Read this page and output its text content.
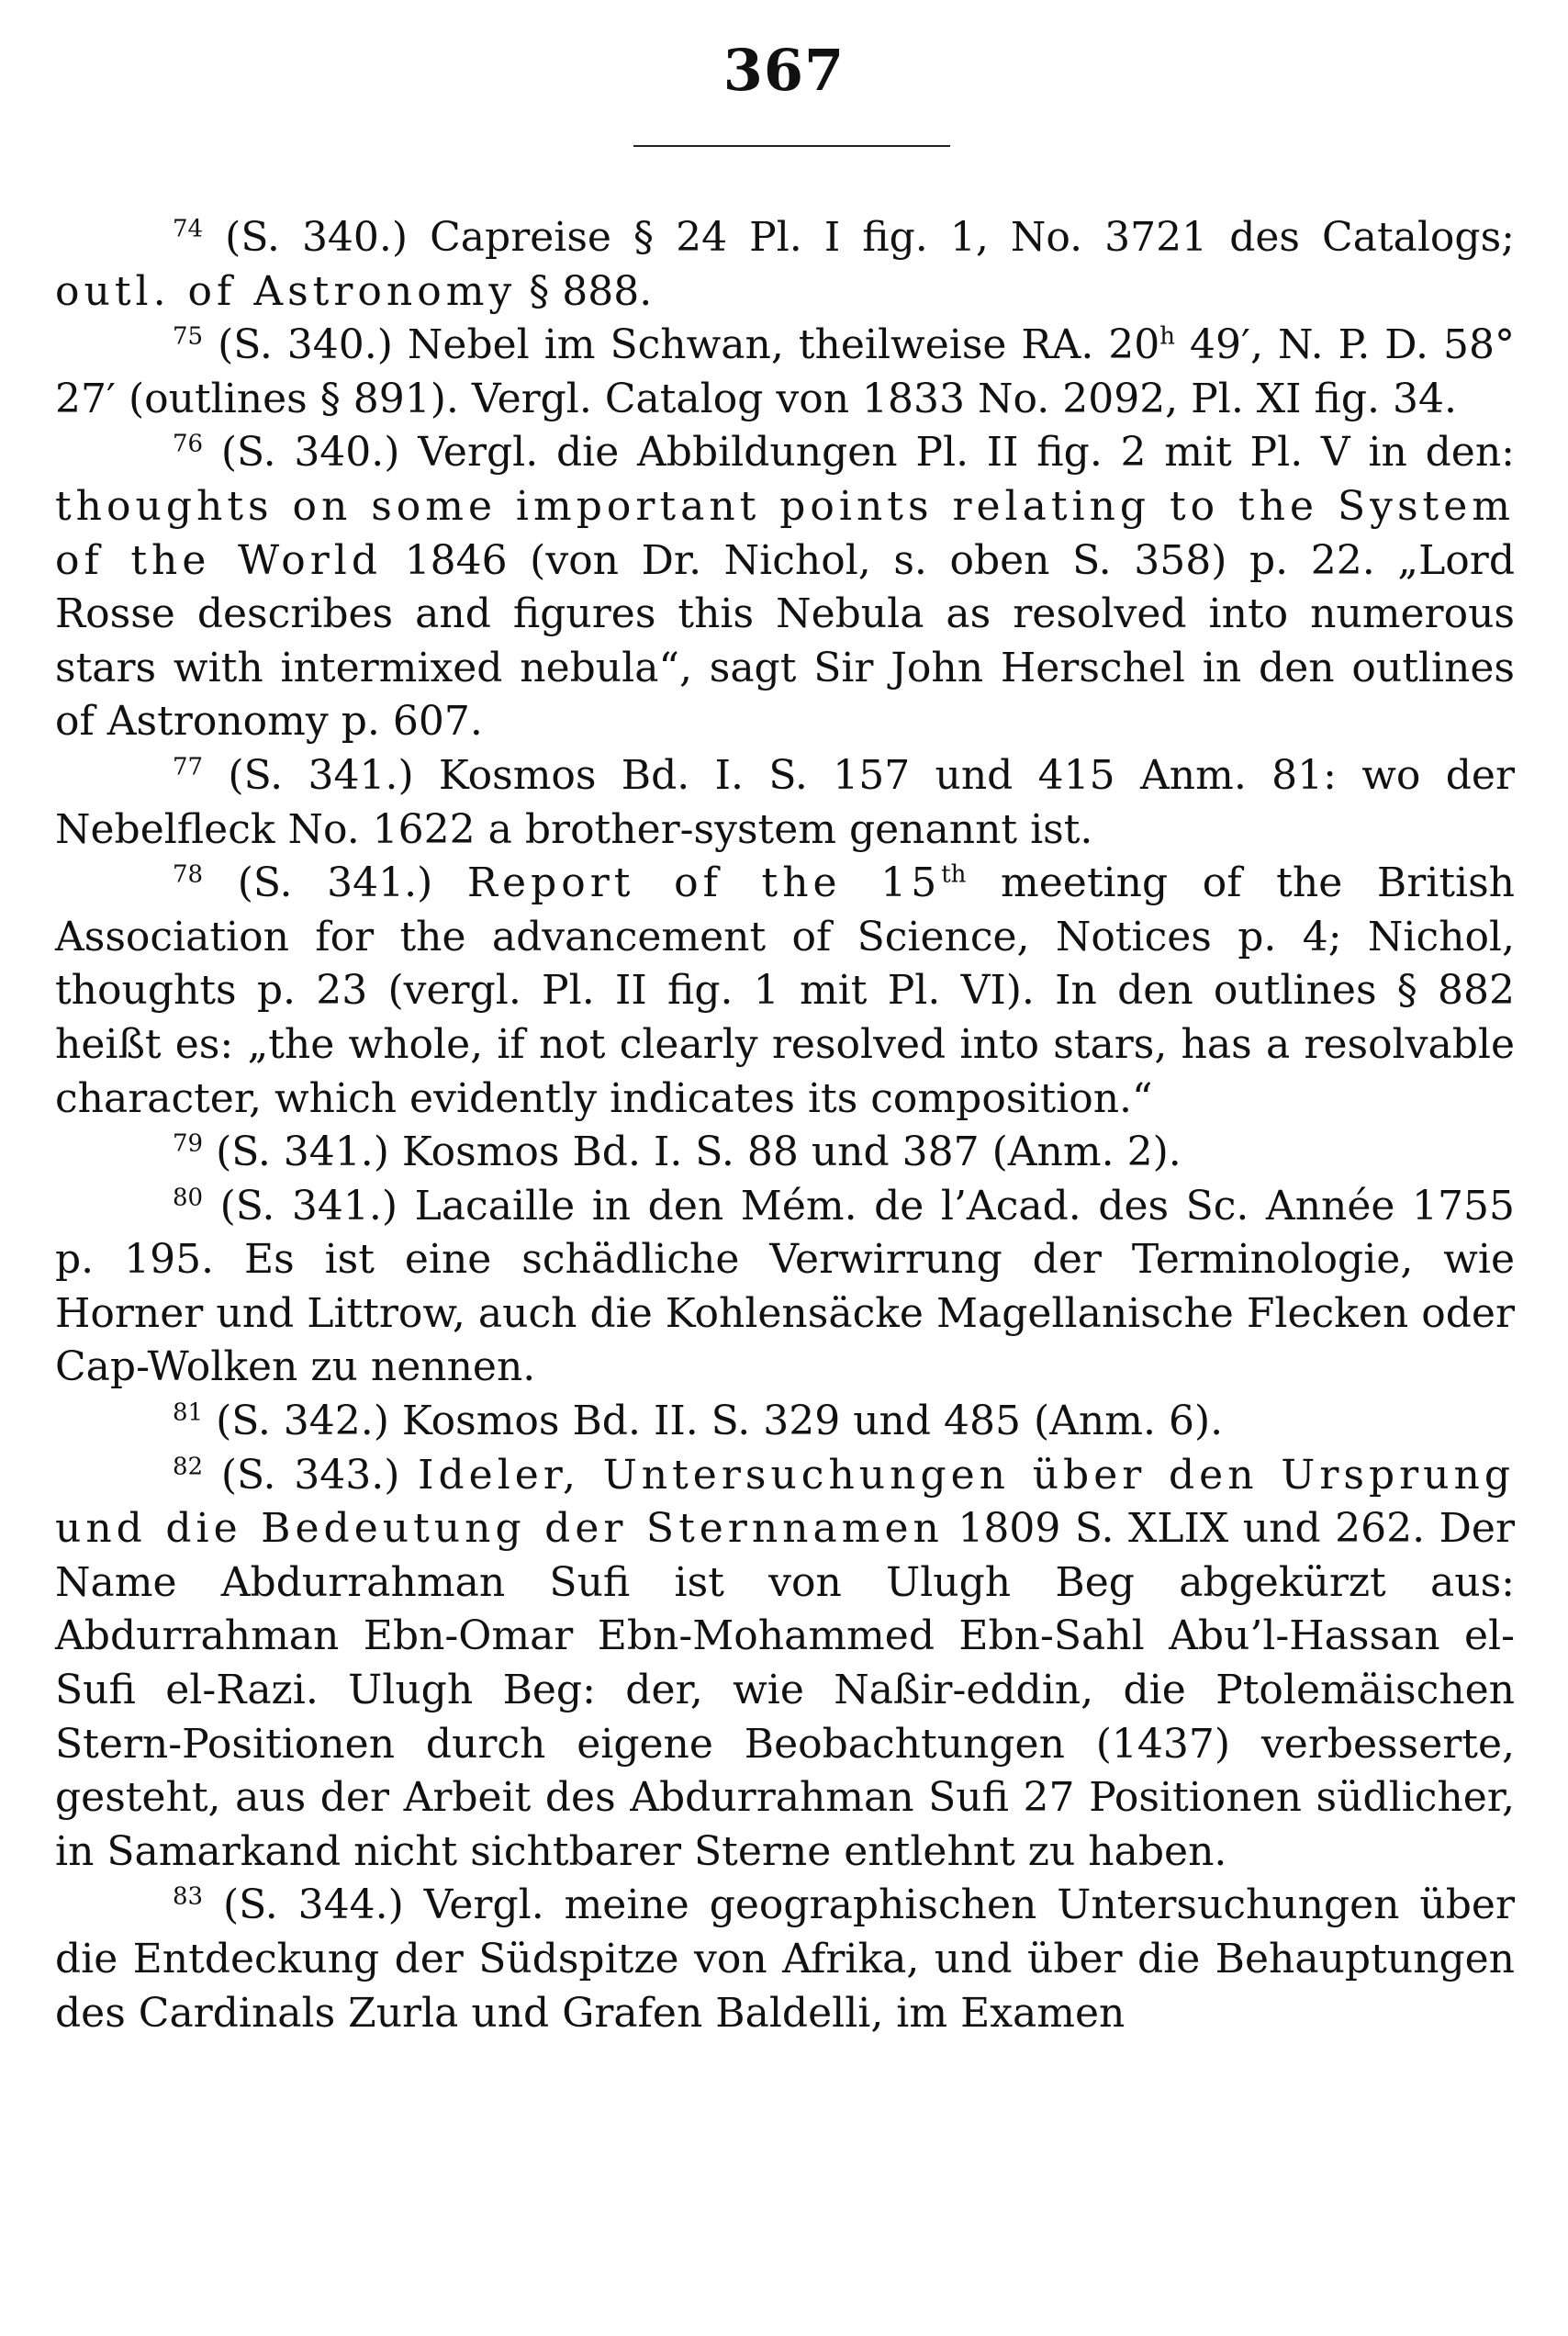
367

$^{74}$ (S. 340.) Capreise § 24 Pl. I fig. 1, No. 3721 des Catalogs; outl. of Astronomy § 888.

$^{75}$ (S. 340.) Nebel im Schwan, theilweise RA. 20$^h$ 49′, N. P. D. 58° 27′ (outlines § 891). Vergl. Catalog von 1833 No. 2092, Pl. XI fig. 34.

$^{76}$ (S. 340.) Vergl. die Abbildungen Pl. II fig. 2 mit Pl. V in den: thoughts on some important points relating to the System of the World 1846 (von Dr. Nichol, s. oben S. 358) p. 22. „Lord Rosse describes and figures this Nebula as resolved into numerous stars with intermixed nebula“, sagt Sir John Herschel in den outlines of Astronomy p. 607.

$^{77}$ (S. 341.) Kosmos Bd. I. S. 157 und 415 Anm. 81: wo der Nebelfleck No. 1622 a brother-system genannt ist.

$^{78}$ (S. 341.) Report of the 15th meeting of the British Association for the advancement of Science, Notices p. 4; Nichol, thoughts p. 23 (vergl. Pl. II fig. 1 mit Pl. VI). In den outlines § 882 heißt es: „the whole, if not clearly resolved into stars, has a resolvable character, which evidently indicates its composition.“

$^{79}$ (S. 341.) Kosmos Bd. I. S. 88 und 387 (Anm. 2).

$^{80}$ (S. 341.) Lacaille in den Mém. de l’Acad. des Sc. Année 1755 p. 195. Es ist eine schädliche Verwirrung der Terminologie, wie Horner und Littrow, auch die Kohlensäcke Magellanische Flecken oder Cap-Wolken zu nennen.

$^{81}$ (S. 342.) Kosmos Bd. II. S. 329 und 485 (Anm. 6).

$^{82}$ (S. 343.) Ideler, Untersuchungen über den Ursprung und die Bedeutung der Sternnamen 1809 S. XLIX und 262. Der Name Abdurrahman Sufi ist von Ulugh Beg abgekürzt aus: Abdurrahman Ebn-Omar Ebn-Mohammed Ebn-Sahl Abu’l-Hassan el-Sufi el-Razi. Ulugh Beg: der, wie Naßir-eddin, die Ptolemäischen Stern-Positionen durch eigene Beobachtungen (1437) verbesserte, gesteht, aus der Arbeit des Abdurrahman Sufi 27 Positionen südlicher, in Samarkand nicht sichtbarer Sterne entlehnt zu haben.

$^{83}$ (S. 344.) Vergl. meine geographischen Untersuchungen über die Entdeckung der Südspitze von Afrika, und über die Behauptungen des Cardinals Zurla und Grafen Baldelli, im Examen
